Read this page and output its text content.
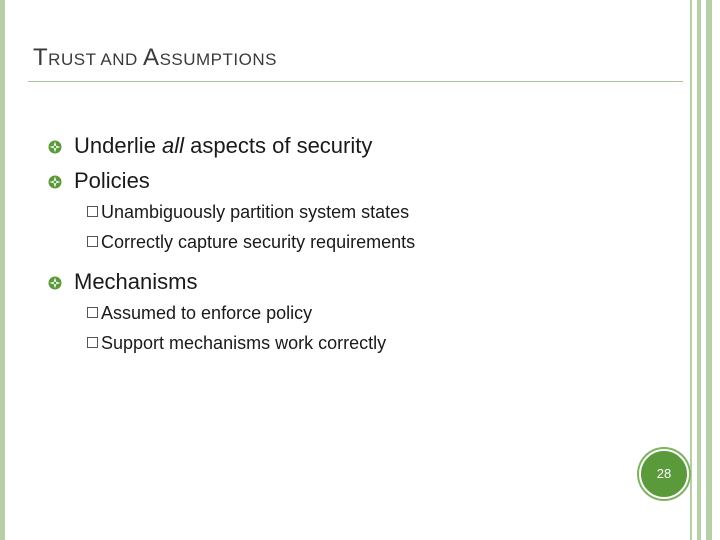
TRUST AND ASSUMPTIONS
Underlie all aspects of security
Policies
Unambiguously partition system states
Correctly capture security requirements
Mechanisms
Assumed to enforce policy
Support mechanisms work correctly
28
